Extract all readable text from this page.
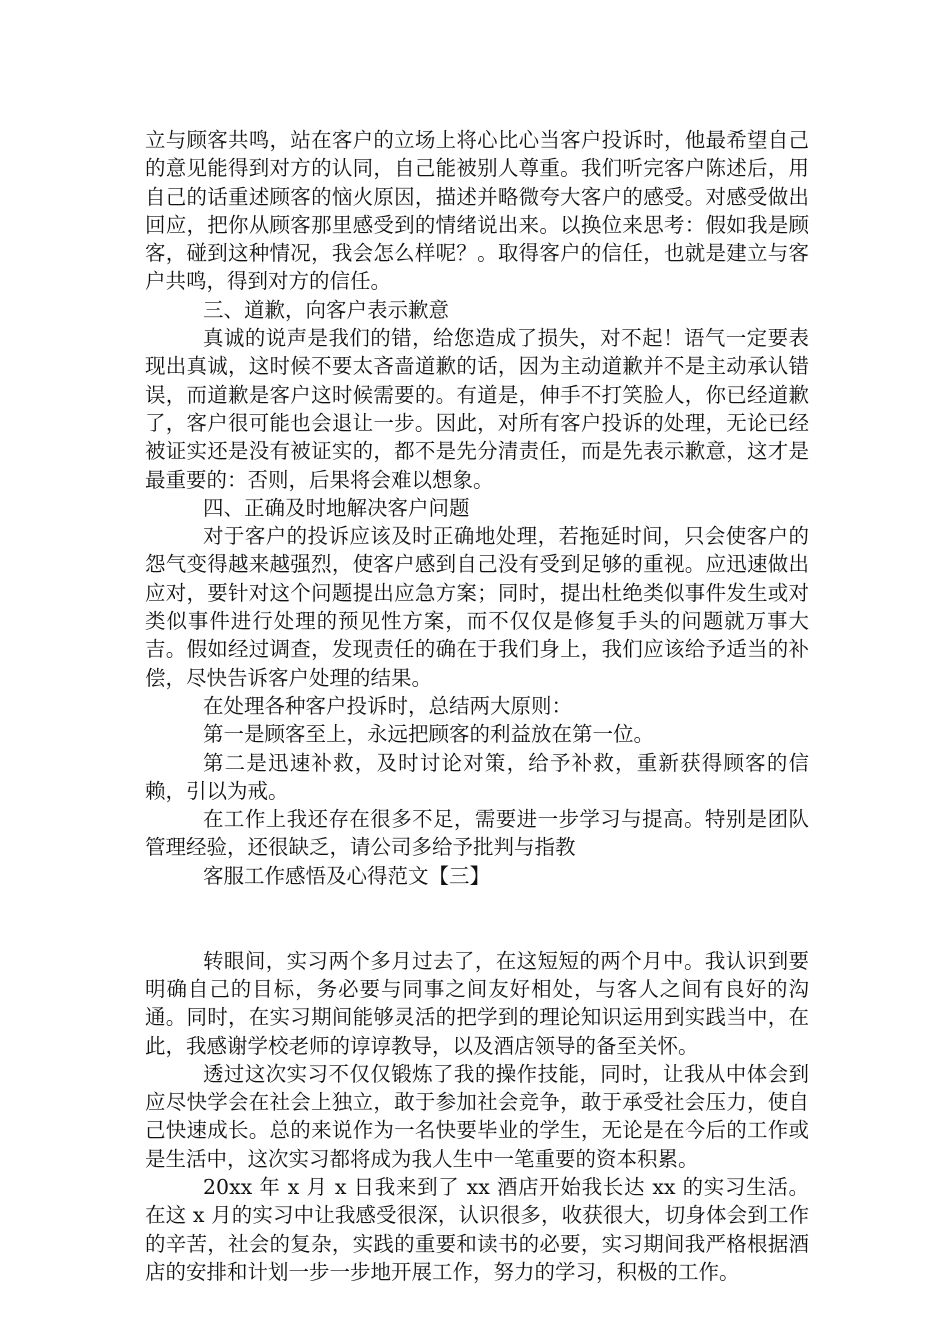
立与顾客共鸣，站在客户的立场上将心比心当客户投诉时，他最希望自己的意见能得到对方的认同，自己能被别人尊重。我们听完客户陈述后，用自己的话重述顾客的恼火原因，描述并略微夸大客户的感受。对感受做出回应，把你从顾客那里感受到的情绪说出来。以换位来思考：假如我是顾客，碰到这种情况，我会怎么样呢？。取得客户的信任，也就是建立与客户共鸣，得到对方的信任。

三、道歉，向客户表示歉意

真诚的说声是我们的错，给您造成了损失，对不起！语气一定要表现出真诚，这时候不要太吝啬道歉的话，因为主动道歉并不是主动承认错误，而道歉是客户这时候需要的。有道是，伸手不打笑脸人，你已经道歉了，客户很可能也会退让一步。因此，对所有客户投诉的处理，无论已经被证实还是没有被证实的，都不是先分清责任，而是先表示歉意，这才是最重要的：否则，后果将会难以想象。

四、正确及时地解决客户问题

对于客户的投诉应该及时正确地处理，若拖延时间，只会使客户的怨气变得越来越强烈，使客户感到自己没有受到足够的重视。应迅速做出应对，要针对这个问题提出应急方案；同时，提出杜绝类似事件发生或对类似事件进行处理的预见性方案，而不仅仅是修复手头的问题就万事大吉。假如经过调查，发现责任的确在于我们身上，我们应该给予适当的补偿，尽快告诉客户处理的结果。

在处理各种客户投诉时，总结两大原则：

第一是顾客至上，永远把顾客的利益放在第一位。

第二是迅速补救，及时讨论对策，给予补救，重新获得顾客的信赖，引以为戒。

在工作上我还存在很多不足，需要进一步学习与提高。特别是团队管理经验，还很缺乏，请公司多给予批判与指教

客服工作感悟及心得范文【三】

转眼间，实习两个多月过去了，在这短短的两个月中。我认识到要明确自己的目标，务必要与同事之间友好相处，与客人之间有良好的沟通。同时，在实习期间能够灵活的把学到的理论知识运用到实践当中，在此，我感谢学校老师的谆谆教导，以及酒店领导的备至关怀。

透过这次实习不仅仅锻炼了我的操作技能，同时，让我从中体会到应尽快学会在社会上独立，敢于参加社会竞争，敢于承受社会压力，使自己快速成长。总的来说作为一名快要毕业的学生，无论是在今后的工作或是生活中，这次实习都将成为我人生中一笔重要的资本积累。

20xx 年 x 月 x 日我来到了 xx 酒店开始我长达 xx 的实习生活。在这 x 月的实习中让我感受很深，认识很多，收获很大，切身体会到工作的辛苦，社会的复杂，实践的重要和读书的必要，实习期间我严格根据酒店的安排和计划一步一步地开展工作，努力的学习，积极的工作。
